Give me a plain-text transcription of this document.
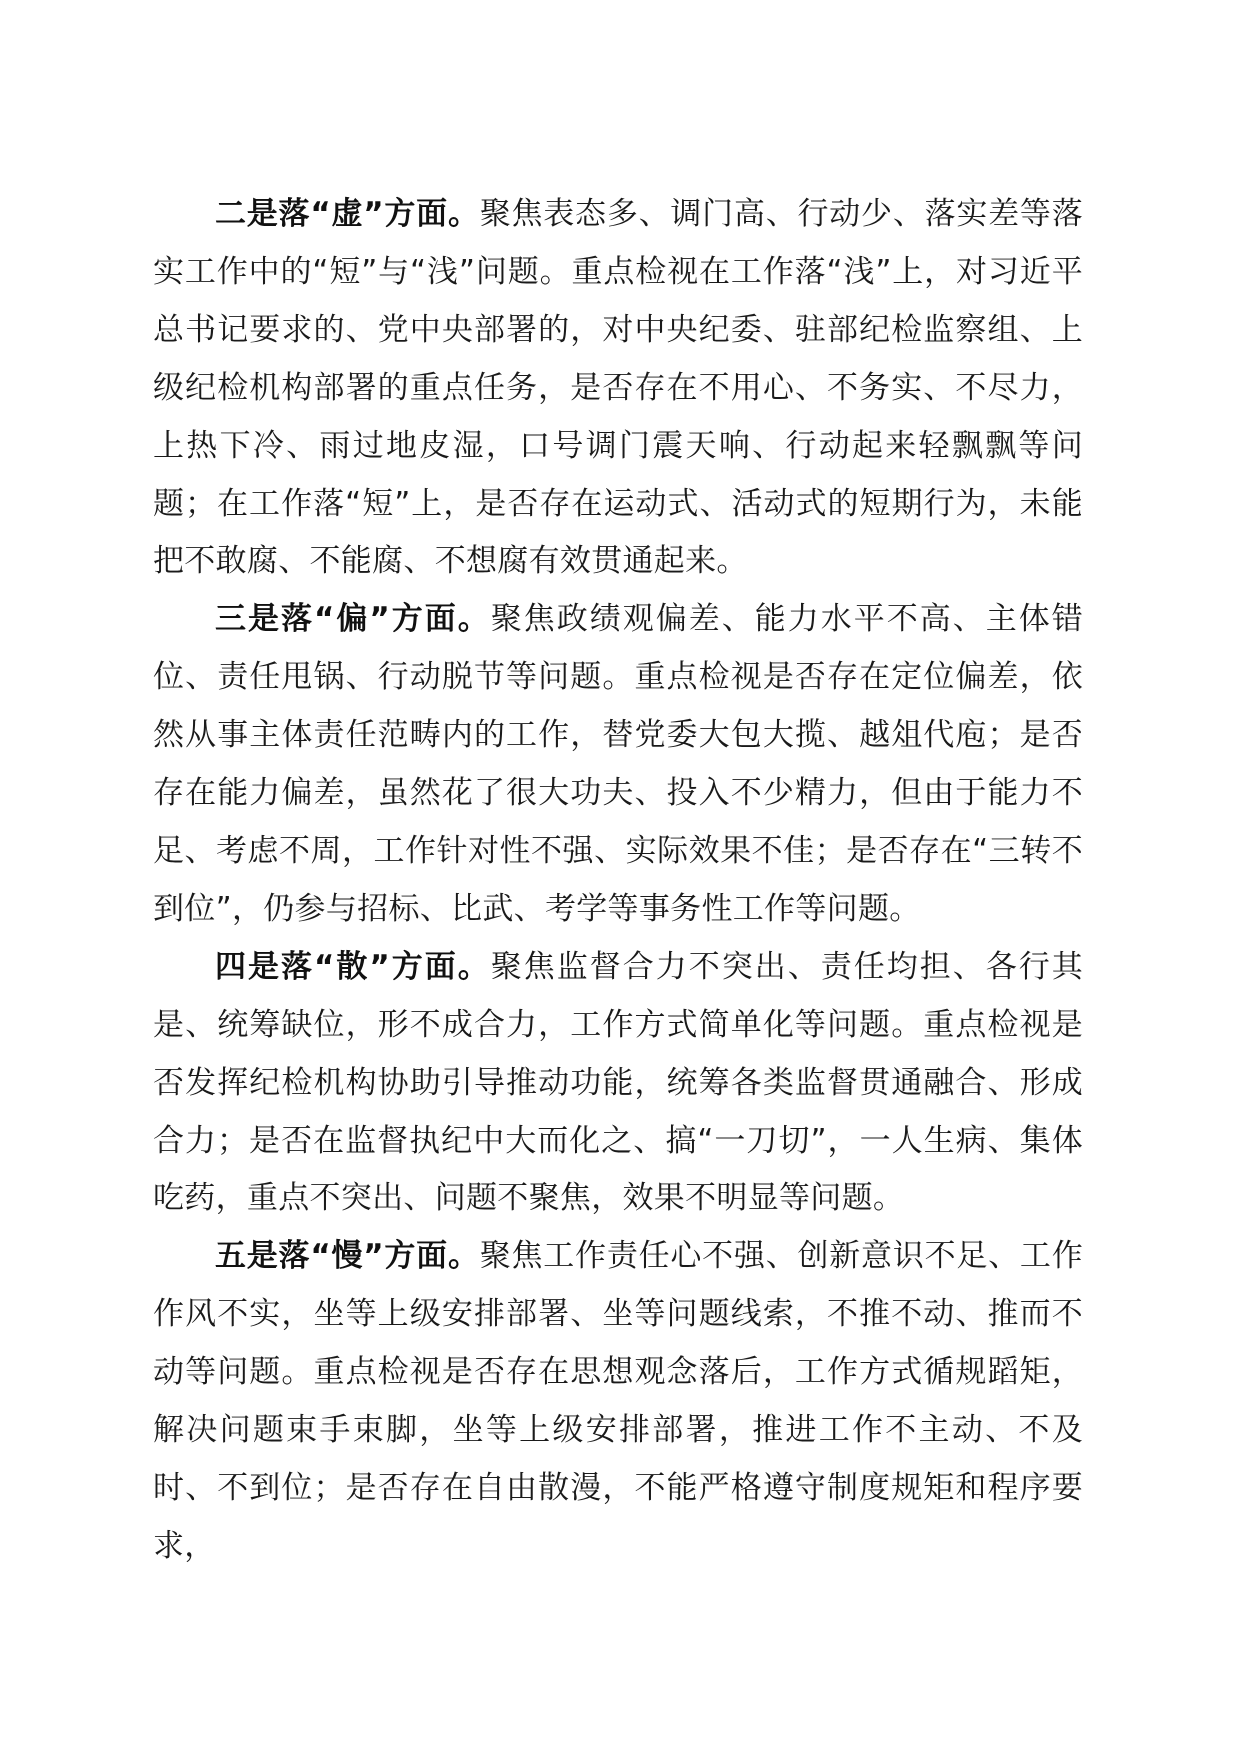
二是落“虚”方面。聚焦表态多、调门高、行动少、落实差等落实工作中的“短”与“浅”问题。重点检视在工作落“浅”上，对习近平总书记要求的、党中央部署的，对中央纪委、驻部纪检监察组、上级纪检机构部署的重点任务，是否存在不用心、不务实、不尽力，上热下冷、雨过地皮湿，口号调门震天响、行动起来轻飘飘等问题；在工作落“短”上，是否存在运动式、活动式的短期行为，未能把不敢腐、不能腐、不想腐有效贯通起来。

三是落“偏”方面。聚焦政绩观偏差、能力水平不高、主体错位、责任甩锅、行动脱节等问题。重点检视是否存在定位偏差，依然从事主体责任范畴内的工作，替党委大包大揽、越俎代庖；是否存在能力偏差，虽然花了很大功夫、投入不少精力，但由于能力不足、考虑不周，工作针对性不强、实际效果不佳；是否存在“三转不到位”，仍参与招标、比武、考学等事务性工作等问题。

四是落“散”方面。聚焦监督合力不突出、责任均担、各行其是、统筹缺位，形不成合力，工作方式简单化等问题。重点检视是否发挥纪检机构协助引导推动功能，统筹各类监督贯通融合、形成合力；是否在监督执纪中大而化之、搞“一刀切”，一人生病、集体吃药，重点不突出、问题不聚焦，效果不明显等问题。

五是落“慢”方面。聚焦工作责任心不强、创新意识不足、工作作风不实，坐等上级安排部署、坐等问题线索，不推不动、推而不动等问题。重点检视是否存在思想观念落后，工作方式循规蹈矩，解决问题束手束脚，坐等上级安排部署，推进工作不主动、不及时、不到位；是否存在自由散漫，不能严格遵守制度规矩和程序要求，
